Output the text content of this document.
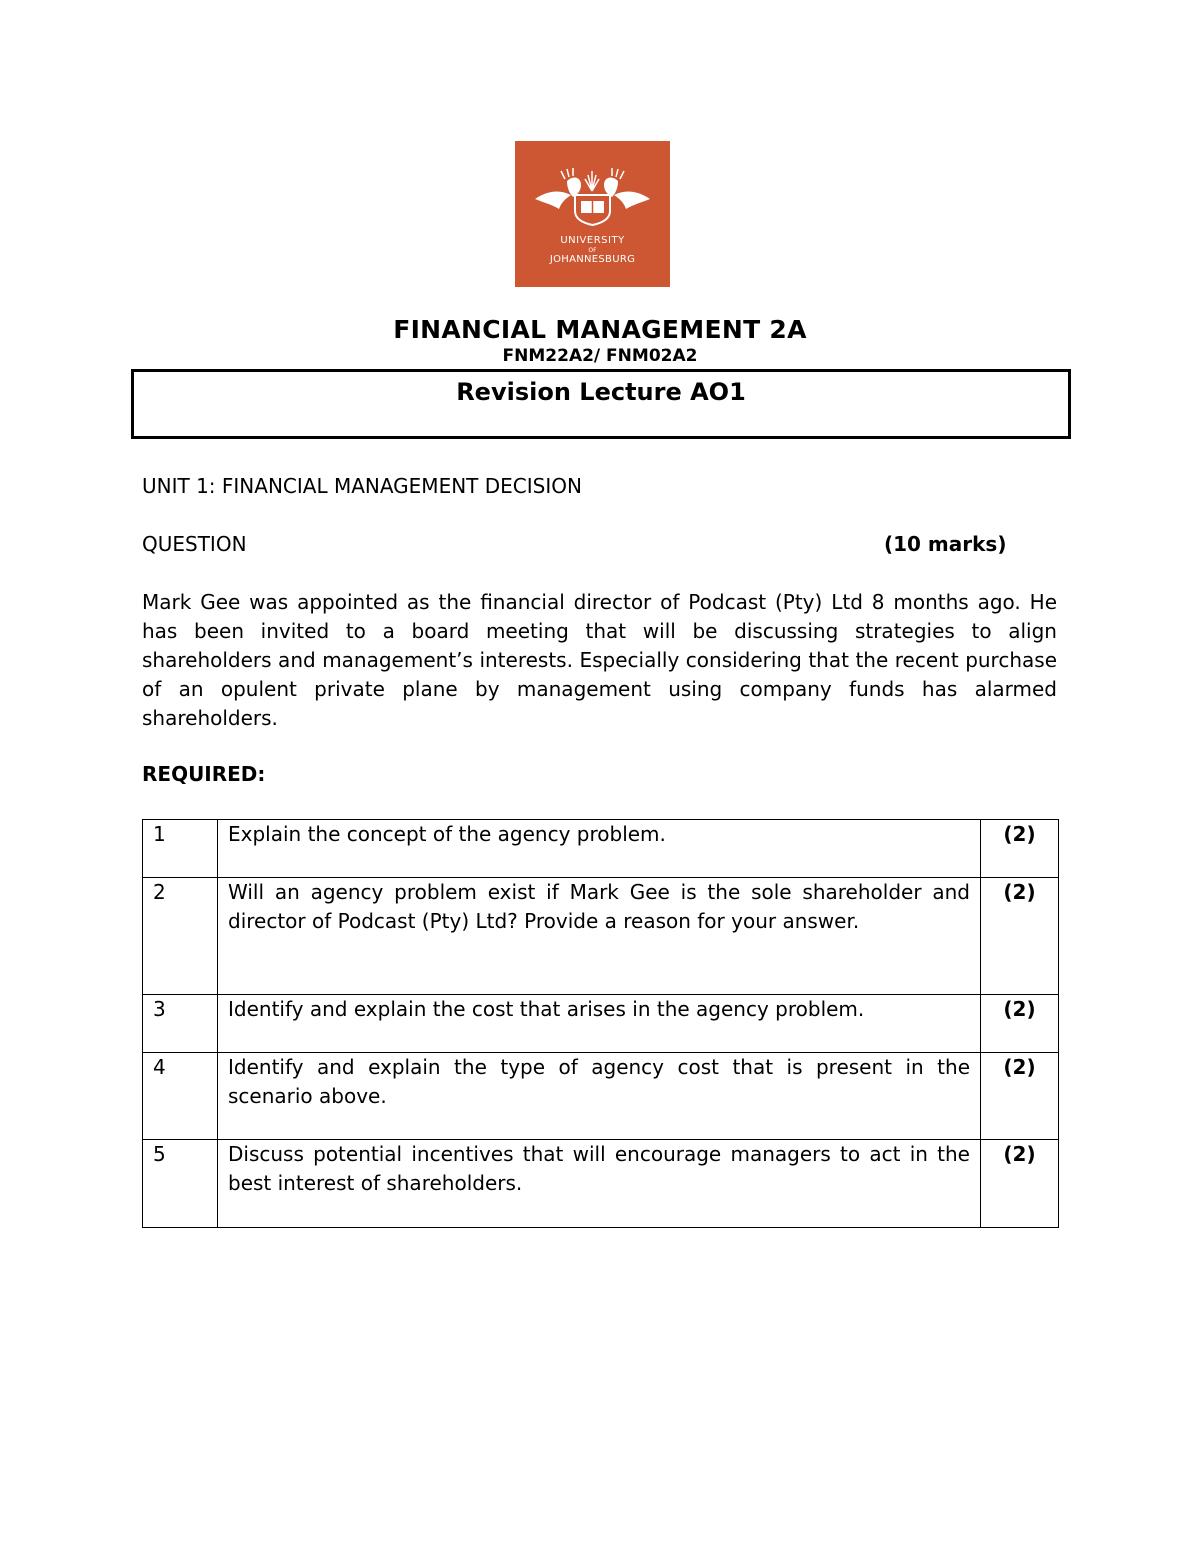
UNIVERSITY
OF
JOHANNESBURG
FINANCIAL MANAGEMENT 2A
FNM22A2/ FNM02A2
Revision Lecture AO1
UNIT 1: FINANCIAL MANAGEMENT DECISION
QUESTION	(10 marks)

Mark Gee was appointed as the financial director of Podcast (Pty) Ltd 8 months ago. He has been invited to a board meeting that will be discussing strategies to align shareholders and management’s interests. Especially considering that the recent purchase of an opulent private plane by management using company funds has alarmed shareholders.

REQUIRED:
1	Explain the concept of the agency problem.	(2)
2	Will an agency problem exist if Mark Gee is the sole shareholder and director of Podcast (Pty) Ltd? Provide a reason for your answer.	(2)
3	Identify and explain the cost that arises in the agency problem.	(2)
4	Identify and explain the type of agency cost that is present in the scenario above.	(2)
5	Discuss potential incentives that will encourage managers to act in the best interest of shareholders.	(2)
